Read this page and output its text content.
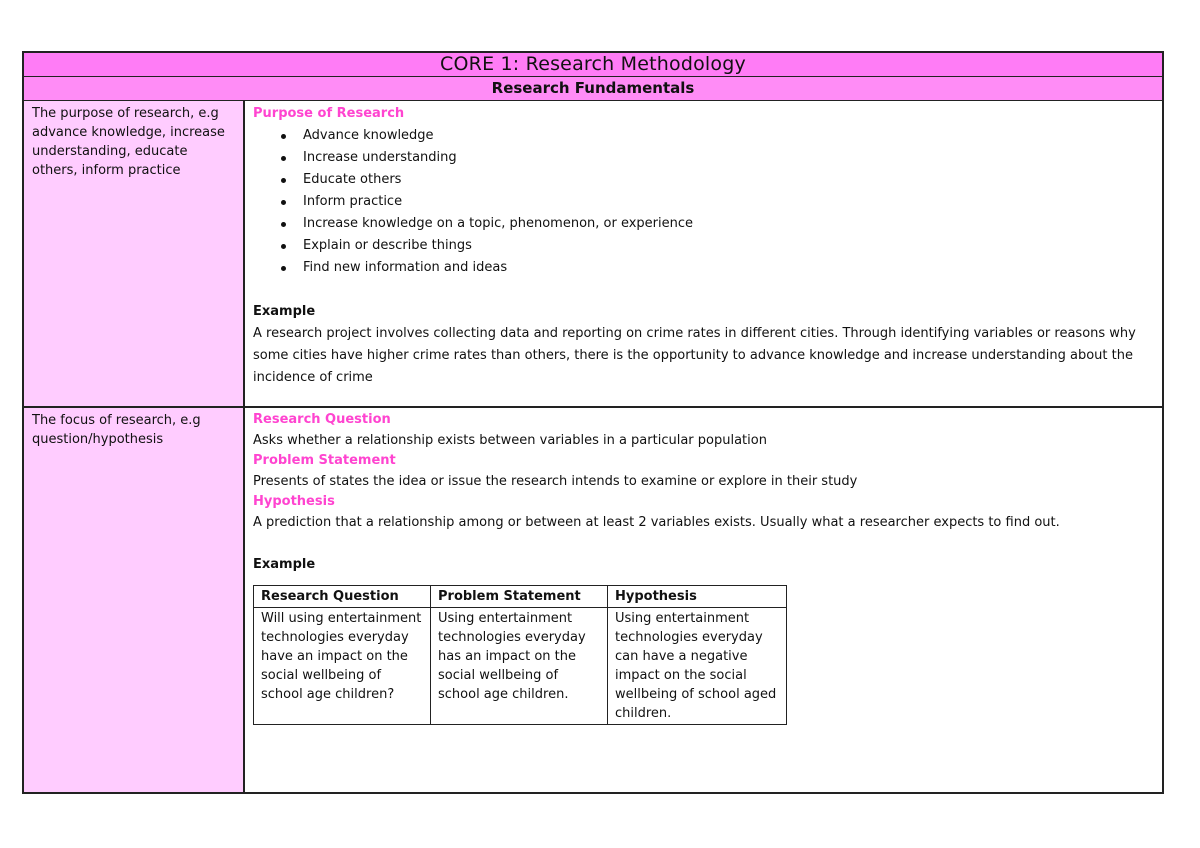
CORE 1: Research Methodology
Research Fundamentals
The purpose of research, e.g advance knowledge, increase understanding, educate others, inform practice
Purpose of Research
Advance knowledge
Increase understanding
Educate others
Inform practice
Increase knowledge on a topic, phenomenon, or experience
Explain or describe things
Find new information and ideas
Example
A research project involves collecting data and reporting on crime rates in different cities. Through identifying variables or reasons why some cities have higher crime rates than others, there is the opportunity to advance knowledge and increase understanding about the incidence of crime
The focus of research, e.g question/hypothesis
Research Question
Asks whether a relationship exists between variables in a particular population
Problem Statement
Presents of states the idea or issue the research intends to examine or explore in their study
Hypothesis
A prediction that a relationship among or between at least 2 variables exists. Usually what a researcher expects to find out.
Example
Research Question	Problem Statement	Hypothesis
Will using entertainment technologies everyday have an impact on the social wellbeing of school age children?	Using entertainment technologies everyday has an impact on the social wellbeing of school age children.	Using entertainment technologies everyday can have a negative impact on the social wellbeing of school aged children.
